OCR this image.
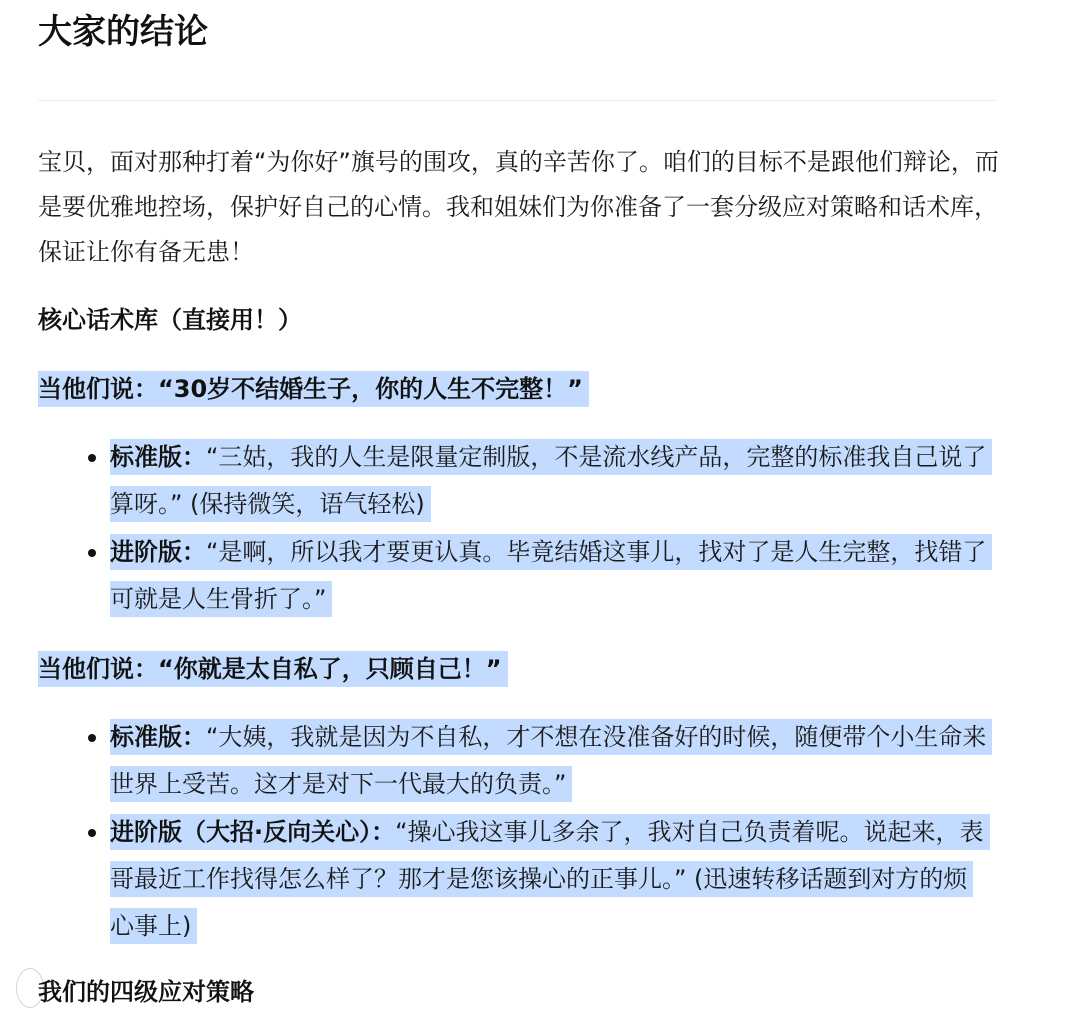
大家的结论

宝贝，面对那种打着“为你好”旗号的围攻，真的辛苦你了。咱们的目标不是跟他们辩论，而是要优雅地控场，保护好自己的心情。我和姐妹们为你准备了一套分级应对策略和话术库，保证让你有备无患！

核心话术库（直接用！）

当他们说：“30岁不结婚生子，你的人生不完整！”

标准版：“三姑，我的人生是限量定制版，不是流水线产品，完整的标准我自己说了算呀。” (保持微笑，语气轻松)
进阶版：“是啊，所以我才要更认真。毕竟结婚这事儿，找对了是人生完整，找错了可就是人生骨折了。”

当他们说：“你就是太自私了，只顾自己！”

标准版：“大姨，我就是因为不自私，才不想在没准备好的时候，随便带个小生命来世界上受苦。这才是对下一代最大的负责。”
进阶版（大招·反向关心）：“操心我这事儿多余了，我对自己负责着呢。说起来，表哥最近工作找得怎么样了？那才是您该操心的正事儿。” (迅速转移话题到对方的烦心事上)
我们的四级应对策略
